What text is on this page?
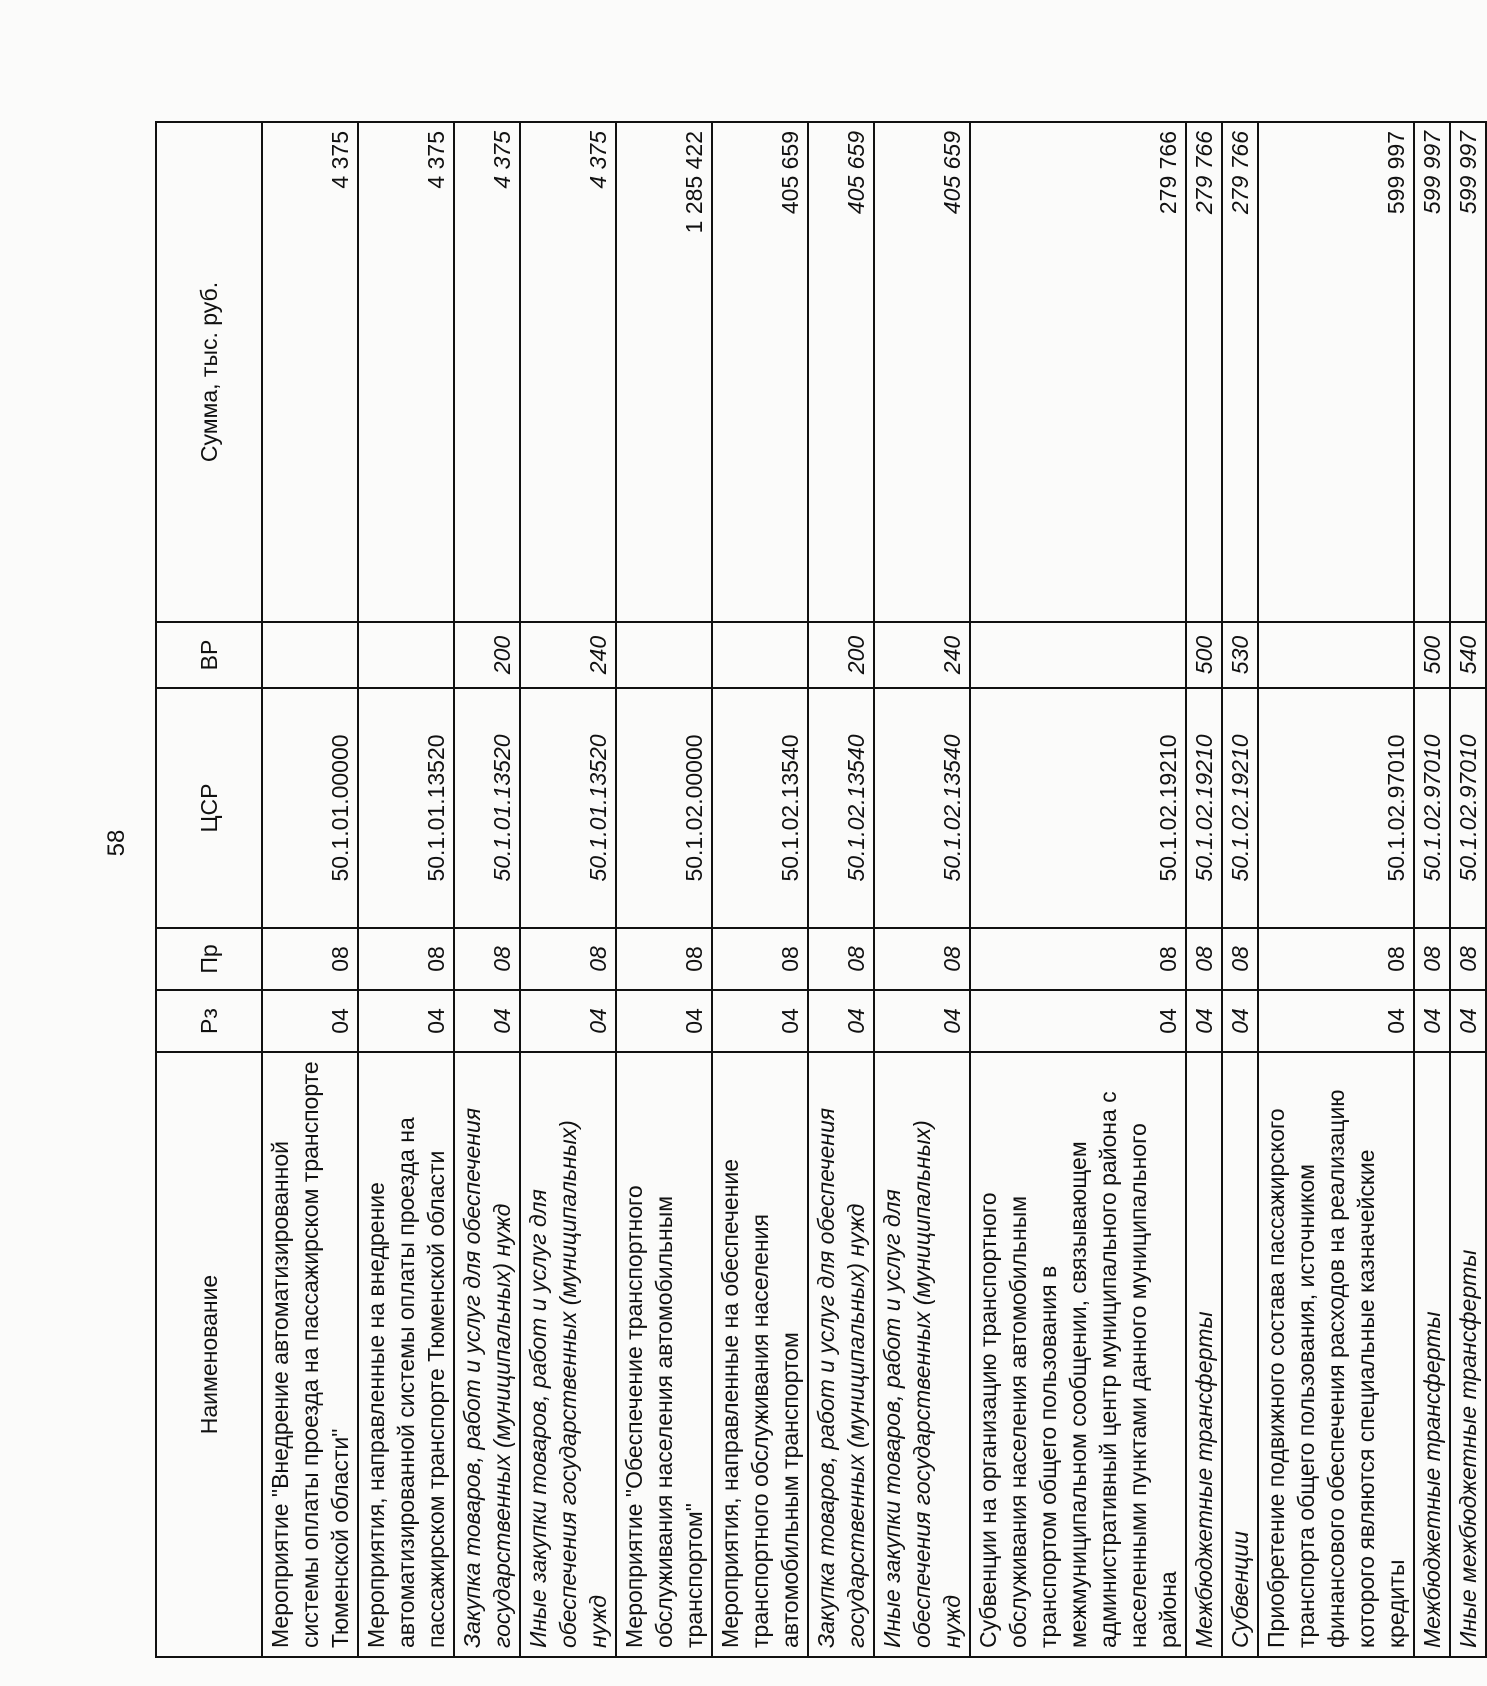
58
Наименование	Рз	Пр	ЦСР	ВР	Сумма, тыс. руб.
Мероприятие "Внедрение автоматизированной системы оплаты проезда на пассажирском транспорте Тюменской области"	04	08	50.1.01.00000		4 375
Мероприятия, направленные на внедрение автоматизированной системы оплаты проезда на пассажирском транспорте Тюменской области	04	08	50.1.01.13520		4 375
Закупка товаров, работ и услуг для обеспечения государственных (муниципальных) нужд	04	08	50.1.01.13520	200	4 375
Иные закупки товаров, работ и услуг для обеспечения государственных (муниципальных) нужд	04	08	50.1.01.13520	240	4 375
Мероприятие "Обеспечение транспортного обслуживания населения автомобильным транспортом"	04	08	50.1.02.00000		1 285 422
Мероприятия, направленные на обеспечение транспортного обслуживания населения автомобильным транспортом	04	08	50.1.02.13540		405 659
Закупка товаров, работ и услуг для обеспечения государственных (муниципальных) нужд	04	08	50.1.02.13540	200	405 659
Иные закупки товаров, работ и услуг для обеспечения государственных (муниципальных) нужд	04	08	50.1.02.13540	240	405 659
Субвенции на организацию транспортного обслуживания населения автомобильным транспортом общего пользования в межмуниципальном сообщении, связывающем административный центр муниципального района с населенными пунктами данного муниципального района	04	08	50.1.02.19210		279 766
Межбюджетные трансферты	04	08	50.1.02.19210	500	279 766
Субвенции	04	08	50.1.02.19210	530	279 766
Приобретение подвижного состава пассажирского транспорта общего пользования, источником финансового обеспечения расходов на реализацию которого являются специальные казначейские кредиты	04	08	50.1.02.97010		599 997
Межбюджетные трансферты	04	08	50.1.02.97010	500	599 997
Иные межбюджетные трансферты	04	08	50.1.02.97010	540	599 997
